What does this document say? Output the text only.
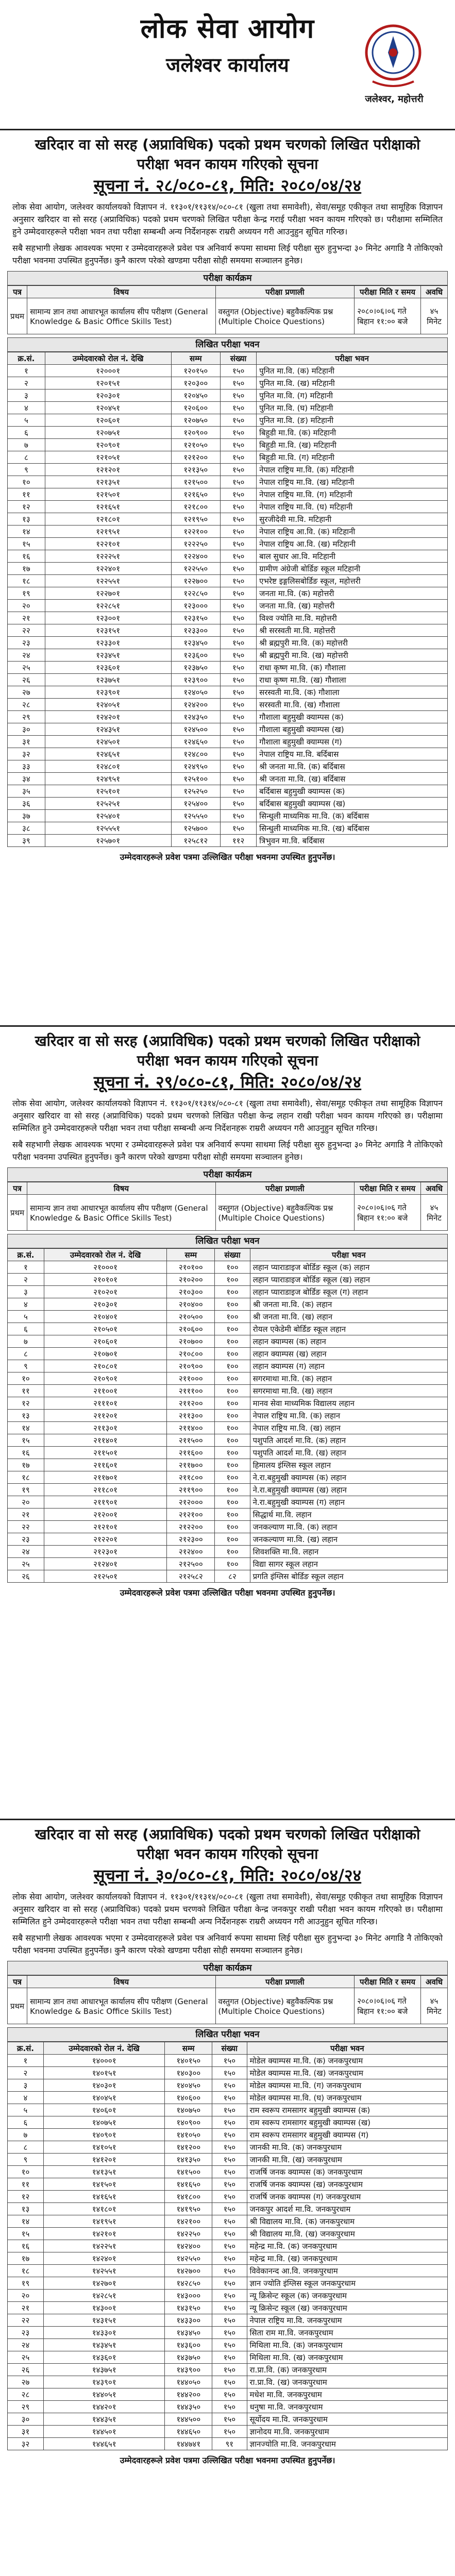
लोक सेवा आयोग
जलेश्वर कार्यालय
जलेश्वर, महोत्तरी
खरिदार वा सो सरह (अप्राविधिक) पदको प्रथम चरणको लिखित परीक्षाको
परीक्षा भवन कायम गरिएको सूचना
सूचना नं. २८/०८०-८१, मिति: २०८०/०४/२४

लोक सेवा आयोग, जलेश्वर कार्यालयको विज्ञापन नं. ११३०१/११३१४/०८०-८१ (खुला तथा समावेशी), सेवा/समूह एकीकृत तथा सामूहिक विज्ञापन अनुसार खरिदार वा सो सरह (अप्राविधिक) पदको प्रथम चरणको लिखित परीक्षा केन्द्र गराई परीक्षा भवन कायम गरिएको छ। परीक्षामा सम्मिलित हुने उम्मेदवारहरूले परीक्षा भवन तथा परीक्षा सम्बन्धी अन्य निर्देशनहरू राम्ररी अध्ययन गरी आउनुहुन सूचित गरिन्छ।

सबै सहभागी लेखक आवश्यक भएमा र उम्मेदवारहरूले प्रवेश पत्र अनिवार्य रूपमा साथमा लिई परीक्षा सुरु हुनुभन्दा ३० मिनेट अगाडि नै तोकिएको परीक्षा भवनमा उपस्थित हुनुपर्नेछ। कुनै कारण परेको खण्डमा परीक्षा सोही समयमा सञ्चालन हुनेछ।

परीक्षा कार्यक्रम
पत्र	विषय	परीक्षा प्रणाली	परीक्षा मिति र समय	अवधि
प्रथम	सामान्य ज्ञान तथा आधारभूत कार्यालय सीप परीक्षण (General Knowledge & Basic Office Skills Test)	वस्तुगत (Objective) बहुवैकल्पिक प्रश्न (Multiple Choice Questions)	२०८०।०६।०६ गते बिहान ११:०० बजे	४५ मिनेट
लिखित परीक्षा भवन
क्र.सं.	उम्मेदवारको रोल नं. देखि	सम्म	संख्या	परीक्षा भवन
१	१२०००१	१२०१५०	१५०	पुनित मा.वि. (क) मटिहानी
२	१२०१५१	१२०३००	१५०	पुनित मा.वि. (ख) मटिहानी
३	१२०३०१	१२०४५०	१५०	पुनित मा.वि. (ग) मटिहानी
४	१२०४५१	१२०६००	१५०	पुनित मा.वि. (घ) मटिहानी
५	१२०६०१	१२०७५०	१५०	पुनित मा.वि. (ङ) मटिहानी
६	१२०७५१	१२०९००	१५०	बिहुडी मा.वि. (क) मटिहानी
७	१२०९०१	१२१०५०	१५०	बिहुडी मा.वि. (ख) मटिहानी
८	१२१०५१	१२१२००	१५०	बिहुडी मा.वि. (ग) मटिहानी
९	१२१२०१	१२१३५०	१५०	नेपाल राष्ट्रिय मा.वि. (क) मटिहानी
१०	१२१३५१	१२१५००	१५०	नेपाल राष्ट्रिय मा.वि. (ख) मटिहानी
११	१२१५०१	१२१६५०	१५०	नेपाल राष्ट्रिय मा.वि. (ग) मटिहानी
१२	१२१६५१	१२१८००	१५०	नेपाल राष्ट्रिय मा.वि. (घ) मटिहानी
१३	१२१८०१	१२१९५०	१५०	सुरजीदेवी मा.वि. मटिहानी
१४	१२१९५१	१२२१००	१५०	नेपाल राष्ट्रिय आ.वि. (क) मटिहानी
१५	१२२१०१	१२२२५०	१५०	नेपाल राष्ट्रिय आ.वि. (ख) मटिहानी
१६	१२२२५१	१२२४००	१५०	बाल सुधार आ.वि. मटिहानी
१७	१२२४०१	१२२५५०	१५०	ग्रामीण अंग्रेजी बोर्डिङ स्कूल मटिहानी
१८	१२२५५१	१२२७००	१५०	एभरेष्ट इङ्गलिसबोर्डिङ स्कूल, महोत्तरी
१९	१२२७०१	१२२८५०	१५०	जनता मा.वि. (क) महोत्तरी
२०	१२२८५१	१२३०००	१५०	जनता मा.वि. (ख) महोत्तरी
२१	१२३००१	१२३१५०	१५०	विश्व ज्योति मा.वि. महोत्तरी
२२	१२३१५१	१२३३००	१५०	श्री सरस्वती मा.वि. महोत्तरी
२३	१२३३०१	१२३४५०	१५०	श्री ब्रह्मपुरी मा.वि. (क) महोत्तरी
२४	१२३४५१	१२३६००	१५०	श्री ब्रह्मपुरी मा.वि. (ख) महोत्तरी
२५	१२३६०१	१२३७५०	१५०	राधा कृष्ण मा.वि. (क) गौशाला
२६	१२३७५१	१२३९००	१५०	राधा कृष्ण मा.वि. (ख) गौशाला
२७	१२३९०१	१२४०५०	१५०	सरस्वती मा.वि. (क) गौशाला
२८	१२४०५१	१२४२००	१५०	सरस्वती मा.वि. (ख) गौशाला
२९	१२४२०१	१२४३५०	१५०	गौशाला बहुमुखी क्याम्पस (क)
३०	१२४३५१	१२४५००	१५०	गौशाला बहुमुखी क्याम्पस (ख)
३१	१२४५०१	१२४६५०	१५०	गौशाला बहुमुखी क्याम्पस (ग)
३२	१२४६५१	१२४८००	१५०	नेपाल राष्ट्रिय मा.वि. बर्दिबास
३३	१२४८०१	१२४९५०	१५०	श्री जनता मा.वि. (क) बर्दिबास
३४	१२४९५१	१२५१००	१५०	श्री जनता मा.वि. (ख) बर्दिबास
३५	१२५१०१	१२५२५०	१५०	बर्दिबास बहुमुखी क्याम्पस (क)
३६	१२५२५१	१२५४००	१५०	बर्दिबास बहुमुखी क्याम्पस (ख)
३७	१२५४०१	१२५५५०	१५०	सिन्धुली माध्यमिक मा.वि. (क) बर्दिबास
३८	१२५५५१	१२५७००	१५०	सिन्धुली माध्यमिक मा.वि. (ख) बर्दिबास
३९	१२५७०१	१२५८१२	११२	त्रिभुवन मा.वि. बर्दिबास
उम्मेदवारहरूले प्रवेश पत्रमा उल्लिखित परीक्षा भवनमा उपस्थित हुनुपर्नेछ।
खरिदार वा सो सरह (अप्राविधिक) पदको प्रथम चरणको लिखित परीक्षाको
परीक्षा भवन कायम गरिएको सूचना
सूचना नं. २९/०८०-८१, मिति: २०८०/०४/२४

लोक सेवा आयोग, जलेश्वर कार्यालयको विज्ञापन नं. ११३०१/११३१४/०८०-८१ (खुला तथा समावेशी), सेवा/समूह एकीकृत तथा सामूहिक विज्ञापन अनुसार खरिदार वा सो सरह (अप्राविधिक) पदको प्रथम चरणको लिखित परीक्षा केन्द्र लहान राखी परीक्षा भवन कायम गरिएको छ। परीक्षामा सम्मिलित हुने उम्मेदवारहरूले परीक्षा भवन तथा परीक्षा सम्बन्धी अन्य निर्देशनहरू राम्ररी अध्ययन गरी आउनुहुन सूचित गरिन्छ।

सबै सहभागी लेखक आवश्यक भएमा र उम्मेदवारहरूले प्रवेश पत्र अनिवार्य रूपमा साथमा लिई परीक्षा सुरु हुनुभन्दा ३० मिनेट अगाडि नै तोकिएको परीक्षा भवनमा उपस्थित हुनुपर्नेछ। कुनै कारण परेको खण्डमा परीक्षा सोही समयमा सञ्चालन हुनेछ।

परीक्षा कार्यक्रम
पत्र	विषय	परीक्षा प्रणाली	परीक्षा मिति र समय	अवधि
प्रथम	सामान्य ज्ञान तथा आधारभूत कार्यालय सीप परीक्षण (General Knowledge & Basic Office Skills Test)	वस्तुगत (Objective) बहुवैकल्पिक प्रश्न (Multiple Choice Questions)	२०८०।०६।०६ गते बिहान ११:०० बजे	४५ मिनेट
लिखित परीक्षा भवन
क्र.सं.	उम्मेदवारको रोल नं. देखि	सम्म	संख्या	परीक्षा भवन
१	२१०००१	२१०१००	१००	लहान प्याराडाइज बोर्डिङ स्कूल (क) लहान
२	२१०१०१	२१०२००	१००	लहान प्याराडाइज बोर्डिङ स्कूल (ख) लहान
३	२१०२०१	२१०३००	१००	लहान प्याराडाइज बोर्डिङ स्कूल (ग) लहान
४	२१०३०१	२१०४००	१००	श्री जनता मा.वि. (क) लहान
५	२१०४०१	२१०५००	१००	श्री जनता मा.वि. (ख) लहान
६	२१०५०१	२१०६००	१००	रोयल एकेडेमी बोर्डिङ स्कूल लहान
७	२१०६०१	२१०७००	१००	लहान क्याम्पस (क) लहान
८	२१०७०१	२१०८००	१००	लहान क्याम्पस (ख) लहान
९	२१०८०१	२१०९००	१००	लहान क्याम्पस (ग) लहान
१०	२१०९०१	२११०००	१००	सगरमाथा मा.वि. (क) लहान
११	२११००१	२१११००	१००	सगरमाथा मा.वि. (ख) लहान
१२	२१११०१	२११२००	१००	मानव सेवा माध्यमिक विद्यालय लहान
१३	२११२०१	२११३००	१००	नेपाल राष्ट्रिय मा.वि. (क) लहान
१४	२११३०१	२११४००	१००	नेपाल राष्ट्रिय मा.वि. (ख) लहान
१५	२११४०१	२११५००	१००	पशुपति आदर्श मा.वि. (क) लहान
१६	२११५०१	२११६००	१००	पशुपति आदर्श मा.वि. (ख) लहान
१७	२११६०१	२११७००	१००	हिमालय इंग्लिस स्कूल लहान
१८	२११७०१	२११८००	१००	ने.रा.बहुमुखी क्याम्पस (क) लहान
१९	२११८०१	२११९००	१००	ने.रा.बहुमुखी क्याम्पस (ख) लहान
२०	२११९०१	२१२०००	१००	ने.रा.बहुमुखी क्याम्पस (ग) लहान
२१	२१२००१	२१२१००	१००	सिद्धार्थ मा.वि. लहान
२२	२१२१०१	२१२२००	१००	जनकल्याण मा.वि. (क) लहान
२३	२१२२०१	२१२३००	१००	जनकल्याण मा.वि. (ख) लहान
२४	२१२३०१	२१२४००	१००	शिवशक्ति मा.वि. लहान
२५	२१२४०१	२१२५००	१००	विद्या सागर स्कूल लहान
२६	२१२५०१	२१२५८२	८२	प्रगति इंग्लिस बोर्डिङ स्कूल लहान
उम्मेदवारहरूले प्रवेश पत्रमा उल्लिखित परीक्षा भवनमा उपस्थित हुनुपर्नेछ।
खरिदार वा सो सरह (अप्राविधिक) पदको प्रथम चरणको लिखित परीक्षाको
परीक्षा भवन कायम गरिएको सूचना
सूचना नं. ३०/०८०-८१, मिति: २०८०/०४/२४

लोक सेवा आयोग, जलेश्वर कार्यालयको विज्ञापन नं. ११३०१/११३१४/०८०-८१ (खुला तथा समावेशी), सेवा/समूह एकीकृत तथा सामूहिक विज्ञापन अनुसार खरिदार वा सो सरह (अप्राविधिक) पदको प्रथम चरणको लिखित परीक्षा केन्द्र जनकपुर राखी परीक्षा भवन कायम गरिएको छ। परीक्षामा सम्मिलित हुने उम्मेदवारहरूले परीक्षा भवन तथा परीक्षा सम्बन्धी अन्य निर्देशनहरू राम्ररी अध्ययन गरी आउनुहुन सूचित गरिन्छ।

सबै सहभागी लेखक आवश्यक भएमा र उम्मेदवारहरूले प्रवेश पत्र अनिवार्य रूपमा साथमा लिई परीक्षा सुरु हुनुभन्दा ३० मिनेट अगाडि नै तोकिएको परीक्षा भवनमा उपस्थित हुनुपर्नेछ। कुनै कारण परेको खण्डमा परीक्षा सोही समयमा सञ्चालन हुनेछ।

परीक्षा कार्यक्रम
पत्र	विषय	परीक्षा प्रणाली	परीक्षा मिति र समय	अवधि
प्रथम	सामान्य ज्ञान तथा आधारभूत कार्यालय सीप परीक्षण (General Knowledge & Basic Office Skills Test)	वस्तुगत (Objective) बहुवैकल्पिक प्रश्न (Multiple Choice Questions)	२०८०।०६।०६ गते बिहान ११:०० बजे	४५ मिनेट
लिखित परीक्षा भवन
क्र.सं.	उम्मेदवारको रोल नं. देखि	सम्म	संख्या	परीक्षा भवन
१	१४०००१	१४०१५०	१५०	मोडेल क्याम्पस मा.वि. (क) जनकपुरधाम
२	१४०१५१	१४०३००	१५०	मोडेल क्याम्पस मा.वि. (ख) जनकपुरधाम
३	१४०३०१	१४०४५०	१५०	मोडेल क्याम्पस मा.वि. (ग) जनकपुरधाम
४	१४०४५१	१४०६००	१५०	मोडेल क्याम्पस मा.वि. (घ) जनकपुरधाम
५	१४०६०१	१४०७५०	१५०	राम स्वरूप रामसागर बहुमुखी क्याम्पस (क)
६	१४०७५१	१४०९००	१५०	राम स्वरूप रामसागर बहुमुखी क्याम्पस (ख)
७	१४०९०१	१४१०५०	१५०	राम स्वरूप रामसागर बहुमुखी क्याम्पस (ग)
८	१४१०५१	१४१२००	१५०	जानकी मा.वि. (क) जनकपुरधाम
९	१४१२०१	१४१३५०	१५०	जानकी मा.वि. (ख) जनकपुरधाम
१०	१४१३५१	१४१५००	१५०	राजर्षि जनक क्याम्पस (क) जनकपुरधाम
११	१४१५०१	१४१६५०	१५०	राजर्षि जनक क्याम्पस (ख) जनकपुरधाम
१२	१४१६५१	१४१८००	१५०	राजर्षि जनक क्याम्पस (ग) जनकपुरधाम
१३	१४१८०१	१४१९५०	१५०	जनकपुर आदर्श मा.वि. जनकपुरधाम
१४	१४१९५१	१४२१००	१५०	श्री विद्यालय मा.वि. (क) जनकपुरधाम
१५	१४२१०१	१४२२५०	१५०	श्री विद्यालय मा.वि. (ख) जनकपुरधाम
१६	१४२२५१	१४२४००	१५०	महेन्द्र मा.वि. (क) जनकपुरधाम
१७	१४२४०१	१४२५५०	१५०	महेन्द्र मा.वि. (ख) जनकपुरधाम
१८	१४२५५१	१४२७००	१५०	विवेकानन्द आ.वि. जनकपुरधाम
१९	१४२७०१	१४२८५०	१५०	ज्ञान ज्योति इंग्लिस स्कूल जनकपुरधाम
२०	१४२८५१	१४३०००	१५०	न्यू क्रिसेन्ट स्कूल (क) जनकपुरधाम
२१	१४३००१	१४३१५०	१५०	न्यू क्रिसेन्ट स्कूल (ख) जनकपुरधाम
२२	१४३१५१	१४३३००	१५०	नेपाल राष्ट्रिय मा.वि. जनकपुरधाम
२३	१४३३०१	१४३४५०	१५०	सिता राम मा.वि. जनकपुरधाम
२४	१४३४५१	१४३६००	१५०	मिथिला मा.वि. (क) जनकपुरधाम
२५	१४३६०१	१४३७५०	१५०	मिथिला मा.वि. (ख) जनकपुरधाम
२६	१४३७५१	१४३९००	१५०	रा.प्रा.वि. (क) जनकपुरधाम
२७	१४३९०१	१४४०५०	१५०	रा.प्रा.वि. (ख) जनकपुरधाम
२८	१४४०५१	१४४२००	१५०	मधेश मा.वि. जनकपुरधाम
२९	१४४२०१	१४४३५०	१५०	धनुषा मा.वि. जनकपुरधाम
३०	१४४३५१	१४४५००	१५०	सूर्योदय मा.वि. जनकपुरधाम
३१	१४४५०१	१४४६५०	१५०	ज्ञानोदय मा.वि. जनकपुरधाम
३२	१४४६५१	१४४७४१	९१	ज्ञानज्योति मा.वि. जनकपुरधाम
उम्मेदवारहरूले प्रवेश पत्रमा उल्लिखित परीक्षा भवनमा उपस्थित हुनुपर्नेछ।
